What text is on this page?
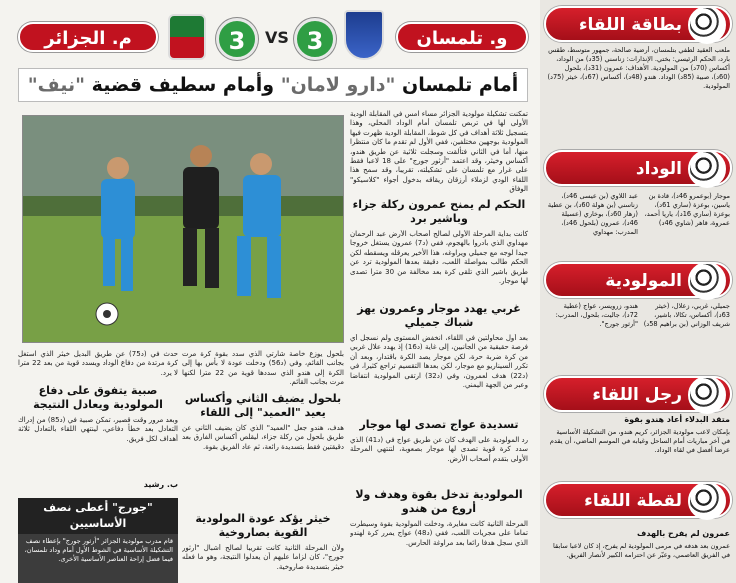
م. الجزائر	3	VS 3	و. تلمسان
أمام تلمسان "دارو لامان" وأمام سطيف قضية "نيف"
تمكنت تشكيلة مولودية الجزائر مساء امس في المقابلة الودية الأولى لها في تربص تلمسان أمام الوداد المحلي، وهذا بتسجيل ثلاثة أهداف في كل شوط، المقابلة الودية ظهرت فيها المولودية بوجهين مختلفين، ففي الأول لم تقدم ما كان منتظرا منها، أما في الثاني فتألقت وسجلت ثلاثية عن طريق هندو، أكساس وخيثر، وقد اعتمد "أرثور جورج" على 18 لاعبا فقط على غرار مع تلمسان على تشكيلته، تقريبا، وقد سمح هذا اللقاء الودي لزملاء أرزقان ريقاقه بدخول أجواء "كلاسيكو" الوفاق
الحكم لم يمنح عمرون ركلة جزاء وباشير برد
كانت بداية المرحلة الأولى لصالح أصحاب الأرض عبد الرحمان مهداوي الذي بادروا بالهجوم، ففي (د7) عمرون يستغل خروجا جيدا لوجه مع جميلي ويراوغه، هذا الأخير يعرقله ويسقطه لكن الحكم طالب بمواصلة اللعب، دقيقة بعدها المولودية ترد عن طريق باشير الذي تلقى كرة بعد مخالفة من 30 مترا تصدى لها موجار.
غربي يهدد موجار وعمرون يهز شباك جميلي
بعد أول محاولتين في اللقاء، انخفض المستوى ولم نسجل أي فرصة حقيقية من الجانبين، إلى غاية (د16) إذ يهدد علال غربي من كرة ضربة حرة، لكن موجار يصد الكرة باقتدار، وبعد أن تكرر السيناريو مع موجار، لكن بعدها التقسيم تراجع كثيرا، في (د22) هدف لعمرون، وفي (د32) ارتقى المولودية انتفاضا وعبر من الجهة اليمني.
تسديدة عواج تصدى لها موجار
رد المولودية على الهدف كان عن طريق عواج في (د41) الذي سدد كرة قوية تصدى لها موجار بصعوبة، لتنتهي المرحلة الأولى بتقدم أصحاب الأرض.
المولودية تدخل بقوة وهدف ولا أروع من هندو
المرحلة الثانية كانت مغايرة، ودخلت المولودية بقوة وسيطرت تماما على مجريات اللعب، ففي (د48) عواج يمرر كرة لهندو الذي سجل هدفا رائعا بعد مراوغة الحارس.
بلحول يوزع خاصة شارتي الذي سدد بقوة كرة مرت بجانب القائم، وفي (د56) ودخلت عودة لا بأس بها إلى الكرة إلى هندو الذي سددها قوية من 22 مترا لكنها مرت بجانب القائم.
بلحول يضيف الثاني وأكساس يعيد "العميد" إلى اللقاء
هدف، هندو جعل "العميد" الذي كان يضيف الثاني عن طريق بلحول من ركلة جزاء، ليقلص أكساس الفارق بعد دقيقتين فقط بتسديدة رائعة، ثم عاد الفريق بقوة.
خيثر يؤكد عودة المولودية القوية بصاروخية
ولأن المرحلة الثانية كانت تقريبا لصالح أشبال "أرثور جورج"، كان لزاما عليهم أن يعدلوا النتيجة، وهو ما فعله خيثر بتسديدة صاروخية.
حدث في (د75) عن طريق البديل خيثر الذي استغل كرة مرتدة من دفاع الوداد ويسدد قوية من بعد 22 مترا لا يرد.
صبية يتفوق على دفاع المولودية ويعادل النتيجة
وبعد مرور وقت قصير، تمكن صبية في (د85) من إدراك التعادل بعد خطأ دفاعي، لينتهي اللقاء بالتعادل ثلاثة أهداف لكل فريق.
ب. رشيد
"جورج" أعطى نصف الأساسيين
قام مدرب مولودية الجزائر "أرثور جورج" بإعطاء نصف التشكيلة الأساسية في الشوط الأول أمام وداد تلمسان، فيما فضل إراحة العناصر الأساسية الأخرى.
بطاقة اللقاء
ملعب العقيد لطفي بتلمسان، أرضية صالحة، جمهور متوسط، طقس بارد، الحكم الرئيسي: بختي. الإنذارات: زناسني (35د) من الوداد، أكساس (70د) من المولودية. الأهداف: عمرون (31د)، بلحول (60د)، صبية (85د) الوداد. هندو (48د)، أكساس (67د)، خيثر (75د) المولودية.
الوداد
موجار (بوعمرو 46د)، قادة بن ياسين، بوعزة (ساري 61د)، بوعزة (ساري 16د)، ياريا أحمد، عمروة، قاهر (شاوي 46د)
عبد اللاوي (بن عيسى 46د)، زناسني (بن هولة 60د)، بن عطية (زهار 60د)، بوخاري (عسيلة 46د)، عمرون (بلحول 46د)، المدرب: مهداوي
المولودية
جميلي، غربي، زعلال، (خيثر 63د)، أكساس، تكالا، باشير، شريف الوزاني (بن براهيم 58د)
هندو، زرويسر، عواج (عطية 72د)، جاليت، بلحول، المدرب: "أرثور جورج".
رجل اللقاء
متقد البدلاء أعاد هندو بقوة
بإمكان لاعب مولودية الجزائر، كريم هندو، من التشكيلة الأساسية في آخر مباريات أمام الساحل وغيابه في الموسم الماضي، أن يقدم عرضا أفضل في لقاء الوداد.
لقطة اللقاء
عمرون لم يفرح بالهدف
عمرون بعد هدفه في مرمى المولودية لم يفرح، إذ كان لاعبا سابقا في الفريق العاصمي، وعبّر عن احترامه الكبير لأنصار الفريق.
